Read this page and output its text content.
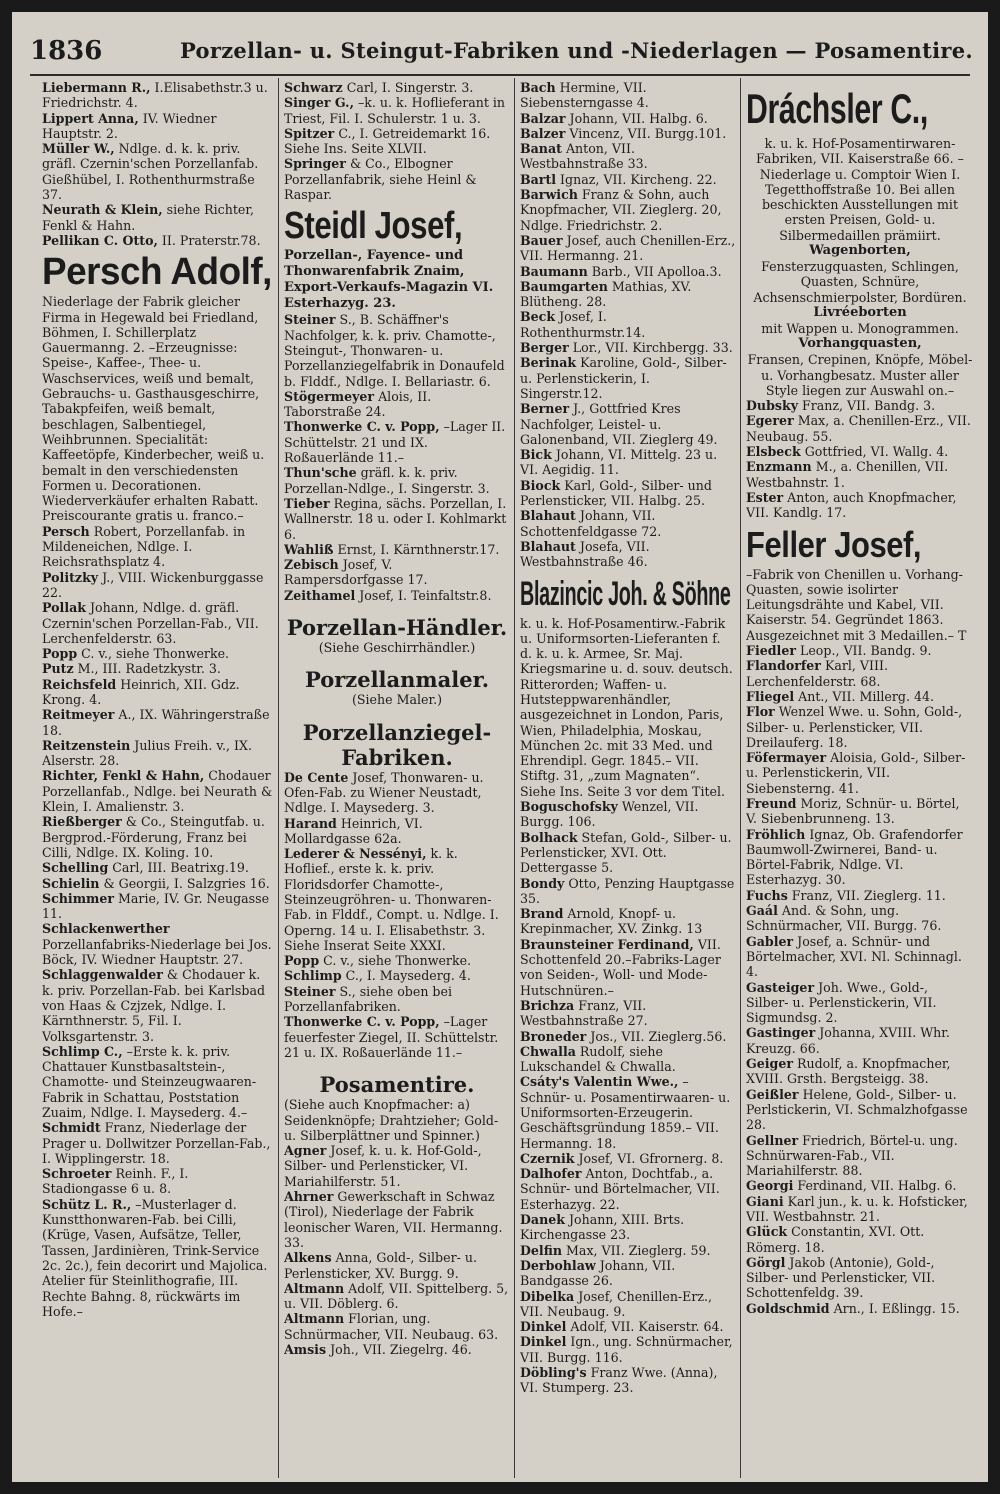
1836	Porzellan- u. Steingut-Fabriken und -Niederlagen — Posamentire.

Liebermann R., I.Elisabethstr.3 u. Friedrichstr. 4.

Lippert Anna, IV. Wiedner Hauptstr. 2.

Müller W., Ndlge. d. k. k. priv. gräfl. Czernin'schen Porzellanfab. Gießhübel, I. Rothenthurmstraße 37.

Neurath & Klein, siehe Richter, Fenkl & Hahn.

Pellikan C. Otto, II. Praterstr.78.

Persch Adolf,

Niederlage der Fabrik gleicher Firma in Hegewald bei Friedland, Böhmen, I. Schillerplatz Gauermanng. 2. –Erzeugnisse: Speise-, Kaffee-, Thee- u. Waschservices, weiß und bemalt, Gebrauchs- u. Gasthausgeschirre, Tabakpfeifen, weiß bemalt, beschlagen, Salbentiegel, Weihbrunnen. Specialität: Kaffeetöpfe, Kinderbecher, weiß u. bemalt in den verschiedensten Formen u. Decorationen. Wiederverkäufer erhalten Rabatt. Preiscourante gratis u. franco.–

Persch Robert, Porzellanfab. in Mildeneichen, Ndlge. I. Reichsrathsplatz 4.

Politzky J., VIII. Wickenburggasse 22.

Pollak Johann, Ndlge. d. gräfl. Czernin'schen Porzellan-Fab., VII. Lerchenfelderstr. 63.

Popp C. v., siehe Thonwerke.

Putz M., III. Radetzkystr. 3.

Reichsfeld Heinrich, XII. Gdz. Krong. 4.

Reitmeyer A., IX. Währingerstraße 18.

Reitzenstein Julius Freih. v., IX. Alserstr. 28.

Richter, Fenkl & Hahn, Chodauer Porzellanfab., Ndlge. bei Neurath & Klein, I. Amalienstr. 3.

Rießberger & Co., Steingutfab. u. Bergprod.-Förderung, Franz bei Cilli, Ndlge. IX. Koling. 10.

Schelling Carl, III. Beatrixg.19.

Schielin & Georgii, I. Salzgries 16.

Schimmer Marie, IV. Gr. Neugasse 11.

Schlackenwerther Porzellanfabriks-Niederlage bei Jos. Böck, IV. Wiedner Hauptstr. 27.

Schlaggenwalder & Chodauer k. k. priv. Porzellan-Fab. bei Karlsbad von Haas & Czjzek, Ndlge. I. Kärnthnerstr. 5, Fil. I. Volksgartenstr. 3.

Schlimp C., –Erste k. k. priv. Chattauer Kunstbasaltstein-, Chamotte- und Steinzeugwaaren-Fabrik in Schattau, Poststation Zuaim, Ndlge. I. Maysederg. 4.–

Schmidt Franz, Niederlage der Prager u. Dollwitzer Porzellan-Fab., I. Wipplingerstr. 18.

Schroeter Reinh. F., I. Stadiongasse 6 u. 8.

Schütz L. R., –Musterlager d. Kunstthonwaren-Fab. bei Cilli, (Krüge, Vasen, Aufsätze, Teller, Tassen, Jardinièren, Trink-Service 2c. 2c.), fein decorirt und Majolica. Atelier für Steinlithografie, III. Rechte Bahng. 8, rückwärts im Hofe.–

Schwarz Carl, I. Singerstr. 3.

Singer G., –k. u. k. Hoflieferant in Triest, Fil. I. Schulerstr. 1 u. 3.

Spitzer C., I. Getreidemarkt 16. Siehe Ins. Seite XLVII.

Springer & Co., Elbogner Porzellanfabrik, siehe Heinl & Raspar.

Steidl Josef,

Porzellan-, Fayence- und Thonwarenfabrik Znaim, Export-Verkaufs-Magazin VI. Esterhazyg. 23.

Steiner S., B. Schäffner's Nachfolger, k. k. priv. Chamotte-, Steingut-, Thonwaren- u. Porzellanziegelfabrik in Donaufeld b. Flddf., Ndlge. I. Bellariastr. 6.

Stögermeyer Alois, II. Taborstraße 24.

Thonwerke C. v. Popp, –Lager II. Schüttelstr. 21 und IX. Roßauerlände 11.–

Thun'sche gräfl. k. k. priv. Porzellan-Ndlge., I. Singerstr. 3.

Tieber Regina, sächs. Porzellan, I. Wallnerstr. 18 u. oder I. Kohlmarkt 6.

Wahliß Ernst, I. Kärnthnerstr.17.

Zebisch Josef, V. Rampersdorfgasse 17.

Zeithamel Josef, I. Teinfaltstr.8.

Porzellan-Händler.

(Siehe Geschirrhändler.)

Porzellanmaler.

(Siehe Maler.)

Porzellanziegel-Fabriken.

De Cente Josef, Thonwaren- u. Ofen-Fab. zu Wiener Neustadt, Ndlge. I. Maysederg. 3.

Harand Heinrich, VI. Mollardgasse 62a.

Lederer & Nessényi, k. k. Hoflief., erste k. k. priv. Floridsdorfer Chamotte-, Steinzeugröhren- u. Thonwaren-Fab. in Flddf., Compt. u. Ndlge. I. Operng. 14 u. I. Elisabethstr. 3. Siehe Inserat Seite XXXI.

Popp C. v., siehe Thonwerke.

Schlimp C., I. Maysederg. 4.

Steiner S., siehe oben bei Porzellanfabriken.

Thonwerke C. v. Popp, –Lager feuerfester Ziegel, II. Schüttelstr. 21 u. IX. Roßauerlände 11.–

Posamentire.

(Siehe auch Knopfmacher: a) Seidenknöpfe; Drahtzieher; Gold- u. Silberplättner und Spinner.)

Agner Josef, k. u. k. Hof-Gold-, Silber- und Perlensticker, VI. Mariahilferstr. 51.

Ahrner Gewerkschaft in Schwaz (Tirol), Niederlage der Fabrik leonischer Waren, VII. Hermanng. 33.

Alkens Anna, Gold-, Silber- u. Perlensticker, XV. Burgg. 9.

Altmann Adolf, VII. Spittelberg. 5, u. VII. Döblerg. 6.

Altmann Florian, ung. Schnürmacher, VII. Neubaug. 63.

Amsis Joh., VII. Ziegelrg. 46.

Bach Hermine, VII. Siebensterngasse 4.

Balzar Johann, VII. Halbg. 6.

Balzer Vincenz, VII. Burgg.101.

Banat Anton, VII. Westbahnstraße 33.

Bartl Ignaz, VII. Kircheng. 22.

Barwich Franz & Sohn, auch Knopfmacher, VII. Zieglerg. 20, Ndlge. Friedrichstr. 2.

Bauer Josef, auch Chenillen-Erz., VII. Hermanng. 21.

Baumann Barb., VII Apolloa.3.

Baumgarten Mathias, XV. Blütheng. 28.

Beck Josef, I. Rothenthurmstr.14.

Berger Lor., VII. Kirchbergg. 33.

Berinak Karoline, Gold-, Silber- u. Perlenstickerin, I. Singerstr.12.

Berner J., Gottfried Kres Nachfolger, Leistel- u. Galonenband, VII. Zieglerg 49.

Bick Johann, VI. Mittelg. 23 u. VI. Aegidig. 11.

Biock Karl, Gold-, Silber- und Perlensticker, VII. Halbg. 25.

Blahaut Johann, VII. Schottenfeldgasse 72.

Blahaut Josefa, VII. Westbahnstraße 46.

Blazincic Joh. & Söhne

k. u. k. Hof-Posamentirw.-Fabrik u. Uniformsorten-Lieferanten f. d. k. u. k. Armee, Sr. Maj. Kriegsmarine u. d. souv. deutsch. Ritterorden; Waffen- u. Hutsteppwarenhändler, ausgezeichnet in London, Paris, Wien, Philadelphia, Moskau, München 2c. mit 33 Med. und Ehrendipl. Gegr. 1845.– VII. Stiftg. 31, „zum Magnaten“. Siehe Ins. Seite 3 vor dem Titel.

Boguschofsky Wenzel, VII. Burgg. 106.

Bolhack Stefan, Gold-, Silber- u. Perlensticker, XVI. Ott. Dettergasse 5.

Bondy Otto, Penzing Hauptgasse 35.

Brand Arnold, Knopf- u. Krepinmacher, XV. Zinkg. 13

Braunsteiner Ferdinand, VII. Schottenfeld 20.–Fabriks-Lager von Seiden-, Woll- und Mode-Hutschnüren.–

Brichza Franz, VII. Westbahnstraße 27.

Broneder Jos., VII. Zieglerg.56.

Chwalla Rudolf, siehe Lukschandel & Chwalla.

Csáty's Valentin Wwe., –Schnür- u. Posamentirwaaren- u. Uniformsorten-Erzeugerin. Geschäftsgründung 1859.– VII. Hermanng. 18.

Czernik Josef, VI. Gfrornerg. 8.

Dalhofer Anton, Dochtfab., a. Schnür- und Börtelmacher, VII. Esterhazyg. 22.

Danek Johann, XIII. Brts. Kirchengasse 23.

Delfin Max, VII. Zieglerg. 59.

Derbohlaw Johann, VII. Bandgasse 26.

Dibelka Josef, Chenillen-Erz., VII. Neubaug. 9.

Dinkel Adolf, VII. Kaiserstr. 64.

Dinkel Ign., ung. Schnürmacher, VII. Burgg. 116.

Döbling's Franz Wwe. (Anna), VI. Stumperg. 23.

Dráchsler C.,

k. u. k. Hof-Posamentirwaren-Fabriken, VII. Kaiserstraße 66. –Niederlage u. Comptoir Wien I. Tegetthoffstraße 10. Bei allen beschickten Ausstellungen mit ersten Preisen, Gold- u. Silbermedaillen prämiirt.

Wagenborten,

Fensterzugquasten, Schlingen, Quasten, Schnüre, Achsenschmierpolster, Bordüren.

Livréeborten

mit Wappen u. Monogrammen.

Vorhangquasten,

Fransen, Crepinen, Knöpfe, Möbel- u. Vorhangbesatz. Muster aller Style liegen zur Auswahl on.–

Dubsky Franz, VII. Bandg. 3.

Egerer Max, a. Chenillen-Erz., VII. Neubaug. 55.

Elsbeck Gottfried, VI. Wallg. 4.

Enzmann M., a. Chenillen, VII. Westbahnstr. 1.

Ester Anton, auch Knopfmacher, VII. Kandlg. 17.

Feller Josef,

–Fabrik von Chenillen u. Vorhang-Quasten, sowie isolirter Leitungsdrähte und Kabel, VII. Kaiserstr. 54. Gegründet 1863. Ausgezeichnet mit 3 Medaillen.– T

Fiedler Leop., VII. Bandg. 9.

Flandorfer Karl, VIII. Lerchenfelderstr. 68.

Fliegel Ant., VII. Millerg. 44.

Flor Wenzel Wwe. u. Sohn, Gold-, Silber- u. Perlensticker, VII. Dreilauferg. 18.

Föfermayer Aloisia, Gold-, Silber- u. Perlenstickerin, VII. Siebensterng. 41.

Freund Moriz, Schnür- u. Börtel, V. Siebenbrunneng. 13.

Fröhlich Ignaz, Ob. Grafendorfer Baumwoll-Zwirnerei, Band- u. Börtel-Fabrik, Ndlge. VI. Esterhazyg. 30.

Fuchs Franz, VII. Zieglerg. 11.

Gaál And. & Sohn, ung. Schnürmacher, VII. Burgg. 76.

Gabler Josef, a. Schnür- und Börtelmacher, XVI. Nl. Schinnagl. 4.

Gasteiger Joh. Wwe., Gold-, Silber- u. Perlenstickerin, VII. Sigmundsg. 2.

Gastinger Johanna, XVIII. Whr. Kreuzg. 66.

Geiger Rudolf, a. Knopfmacher, XVIII. Grsth. Bergsteigg. 38.

Geißler Helene, Gold-, Silber- u. Perlstickerin, VI. Schmalzhofgasse 28.

Gellner Friedrich, Börtel-u. ung. Schnürwaren-Fab., VII. Mariahilferstr. 88.

Georgi Ferdinand, VII. Halbg. 6.

Giani Karl jun., k. u. k. Hofsticker, VII. Westbahnstr. 21.

Glück Constantin, XVI. Ott. Römerg. 18.

Görgl Jakob (Antonie), Gold-, Silber- und Perlensticker, VII. Schottenfeldg. 39.

Goldschmid Arn., I. Eßlingg. 15.
